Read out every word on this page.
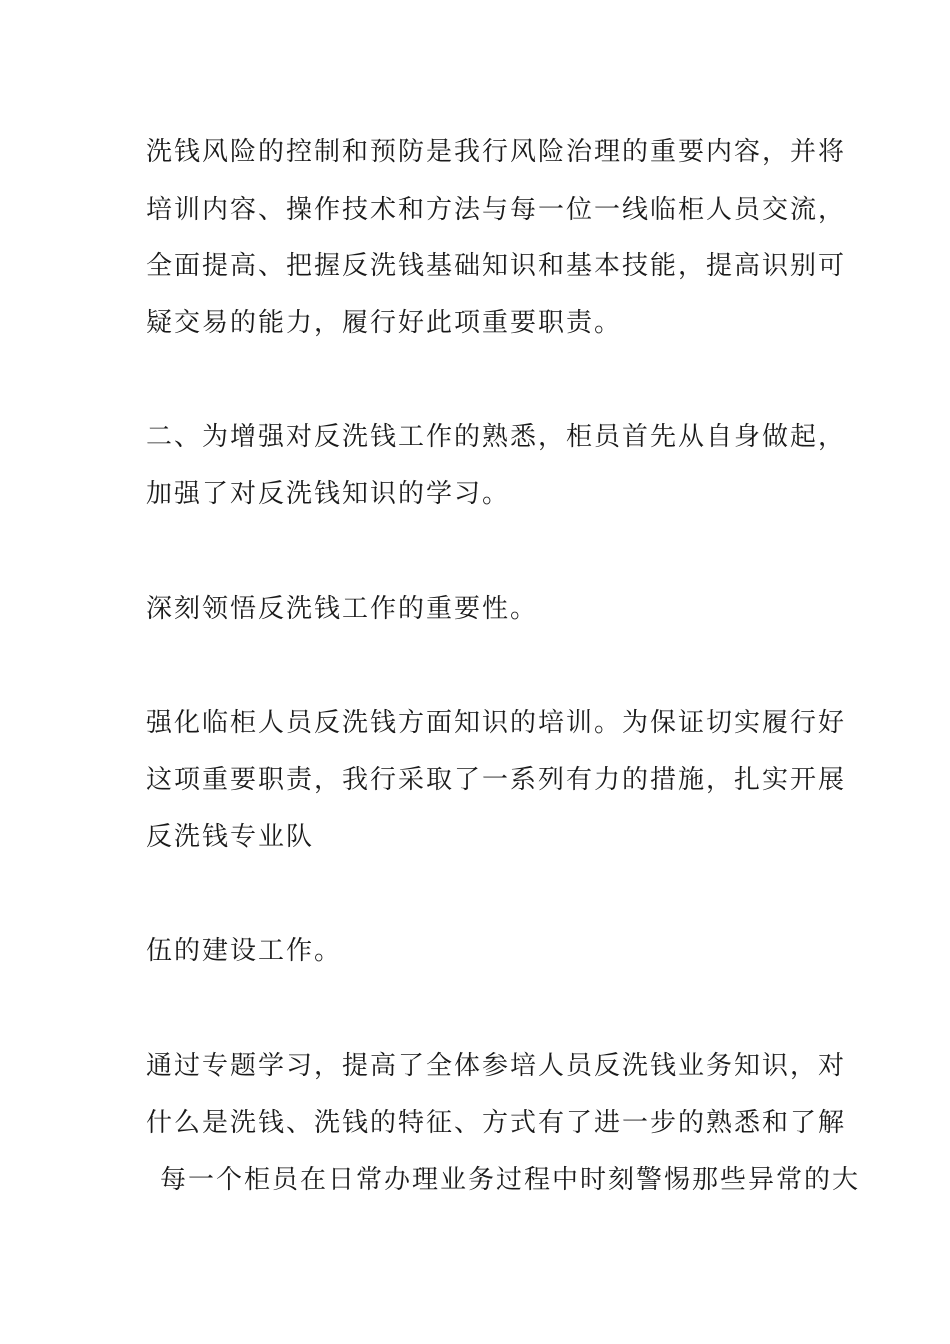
洗钱风险的控制和预防是我行风险治理的重要内容，并将
培训内容、操作技术和方法与每一位一线临柜人员交流，
全面提高、把握反洗钱基础知识和基本技能，提高识别可
疑交易的能力，履行好此项重要职责。
二、为增强对反洗钱工作的熟悉，柜员首先从自身做起，
加强了对反洗钱知识的学习。
深刻领悟反洗钱工作的重要性。
强化临柜人员反洗钱方面知识的培训。为保证切实履行好
这项重要职责，我行采取了一系列有力的措施，扎实开展
反洗钱专业队
伍的建设工作。
通过专题学习，提高了全体参培人员反洗钱业务知识，对
什么是洗钱、洗钱的特征、方式有了进一步的熟悉和了解
每一个柜员在日常办理业务过程中时刻警惕那些异常的大
